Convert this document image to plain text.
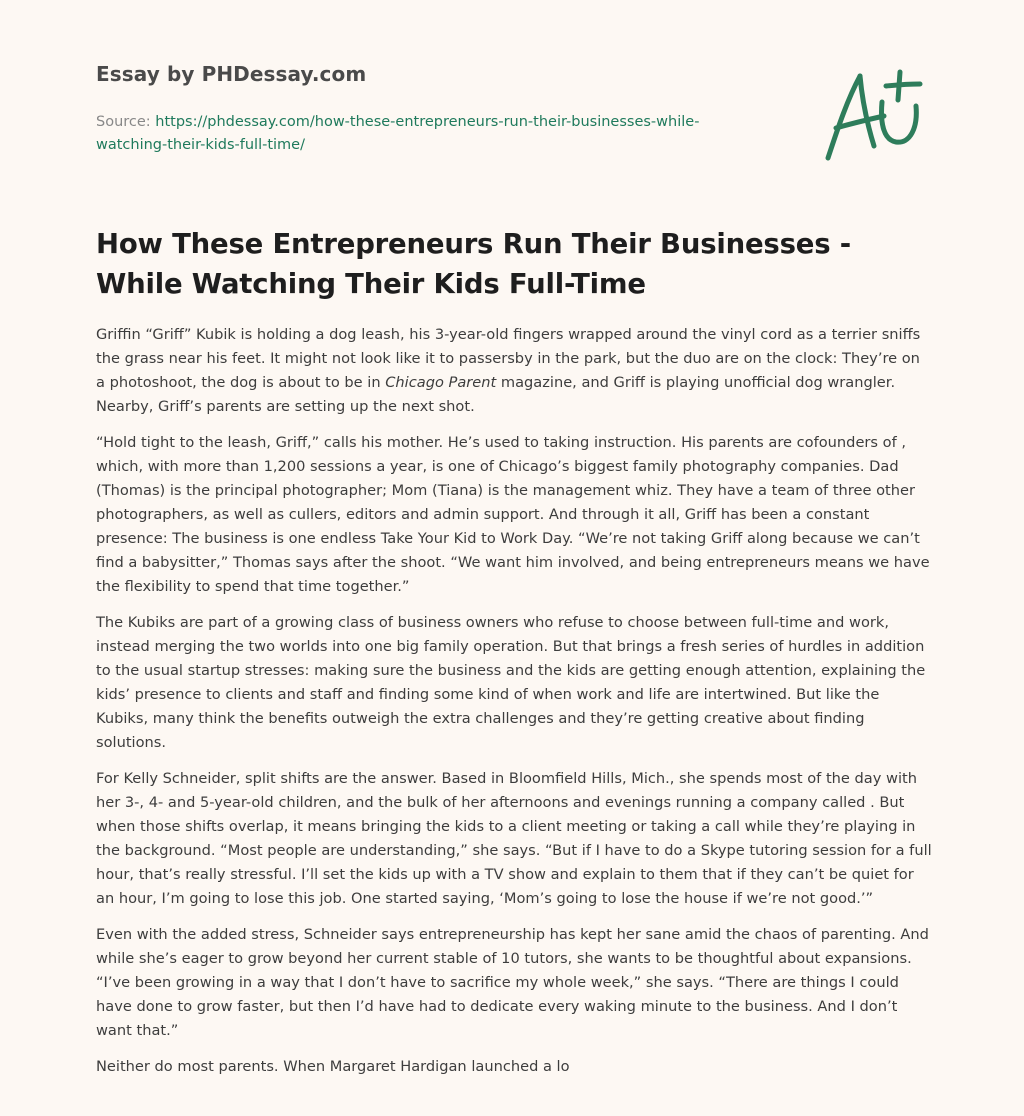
Essay by PHDessay.com
Source: https://phdessay.com/how-these-entrepreneurs-run-their-businesses-while-watching-their-kids-full-time/
How These Entrepreneurs Run Their Businesses - While Watching Their Kids Full-Time

Griffin “Griff” Kubik is holding a dog leash, his 3-year-old fingers wrapped around the vinyl cord as a terrier sniffs the grass near his feet. It might not look like it to passersby in the park, but the duo are on the clock: They’re on a photoshoot, the dog is about to be in Chicago Parent magazine, and Griff is playing unofficial dog wrangler. Nearby, Griff’s parents are setting up the next shot.

“Hold tight to the leash, Griff,” calls his mother. He’s used to taking instruction. His parents are cofounders of , which, with more than 1,200 sessions a year, is one of Chicago’s biggest family photography companies. Dad (Thomas) is the principal photographer; Mom (Tiana) is the management whiz. They have a team of three other photographers, as well as cullers, editors and admin support. And through it all, Griff has been a constant presence: The business is one endless Take Your Kid to Work Day. “We’re not taking Griff along because we can’t find a babysitter,” Thomas says after the shoot. “We want him involved, and being entrepreneurs means we have the flexibility to spend that time together.”

The Kubiks are part of a growing class of business owners who refuse to choose between full-time and work, instead merging the two worlds into one big family operation. But that brings a fresh series of hurdles in addition to the usual startup stresses: making sure the business and the kids are getting enough attention, explaining the kids’ presence to clients and staff and finding some kind of when work and life are intertwined. But like the Kubiks, many think the benefits outweigh the extra challenges and they’re getting creative about finding solutions.

For Kelly Schneider, split shifts are the answer. Based in Bloomfield Hills, Mich., she spends most of the day with her 3-, 4- and 5-year-old children, and the bulk of her afternoons and evenings running a company called . But when those shifts overlap, it means bringing the kids to a client meeting or taking a call while they’re playing in the background. “Most people are understanding,” she says. “But if I have to do a Skype tutoring session for a full hour, that’s really stressful. I’ll set the kids up with a TV show and explain to them that if they can’t be quiet for an hour, I’m going to lose this job. One started saying, ‘Mom’s going to lose the house if we’re not good.’”

Even with the added stress, Schneider says entrepreneurship has kept her sane amid the chaos of parenting. And while she’s eager to grow beyond her current stable of 10 tutors, she wants to be thoughtful about expansions. “I’ve been growing in a way that I don’t have to sacrifice my whole week,” she says. “There are things I could have done to grow faster, but then I’d have had to dedicate every waking minute to the business. And I don’t want that.”

Neither do most parents. When Margaret Hardigan launched a lo
